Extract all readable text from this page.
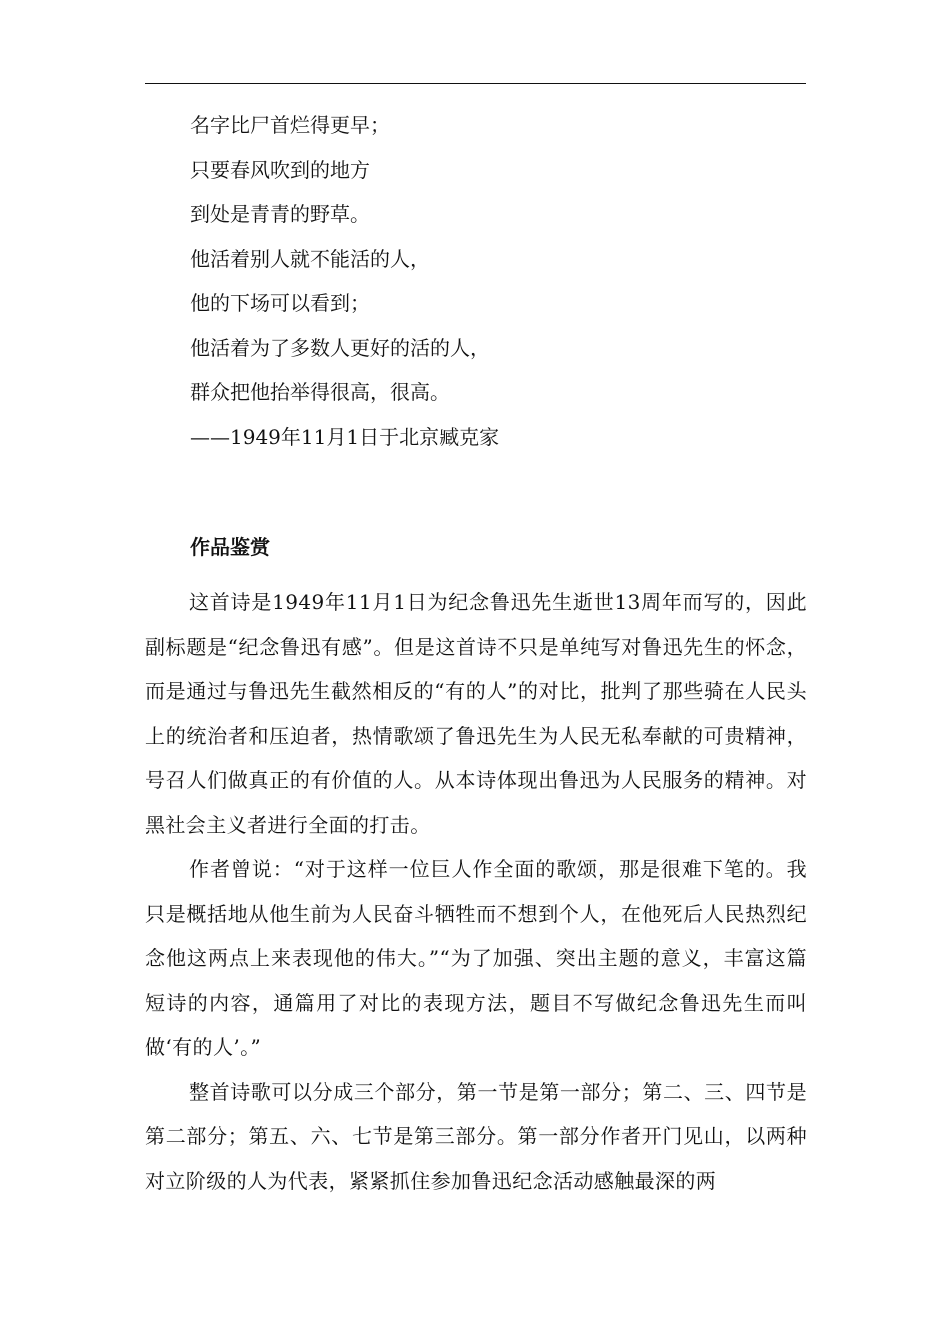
名字比尸首烂得更早；
只要春风吹到的地方
到处是青青的野草。
他活着别人就不能活的人，
他的下场可以看到；
他活着为了多数人更好的活的人，
群众把他抬举得很高，很高。
——1949年11月1日于北京臧克家
作品鉴赏

这首诗是1949年11月1日为纪念鲁迅先生逝世13周年而写的，因此副标题是“纪念鲁迅有感”。但是这首诗不只是单纯写对鲁迅先生的怀念，而是通过与鲁迅先生截然相反的“有的人”的对比，批判了那些骑在人民头上的统治者和压迫者，热情歌颂了鲁迅先生为人民无私奉献的可贵精神，号召人们做真正的有价值的人。从本诗体现出鲁迅为人民服务的精神。对黑社会主义者进行全面的打击。

作者曾说：“对于这样一位巨人作全面的歌颂，那是很难下笔的。我只是概括地从他生前为人民奋斗牺牲而不想到个人，在他死后人民热烈纪念他这两点上来表现他的伟大。”“为了加强、突出主题的意义，丰富这篇短诗的内容，通篇用了对比的表现方法，题目不写做纪念鲁迅先生而叫做‘有的人’。”

整首诗歌可以分成三个部分，第一节是第一部分；第二、三、四节是第二部分；第五、六、七节是第三部分。第一部分作者开门见山，以两种对立阶级的人为代表，紧紧抓住参加鲁迅纪念活动感触最深的两
